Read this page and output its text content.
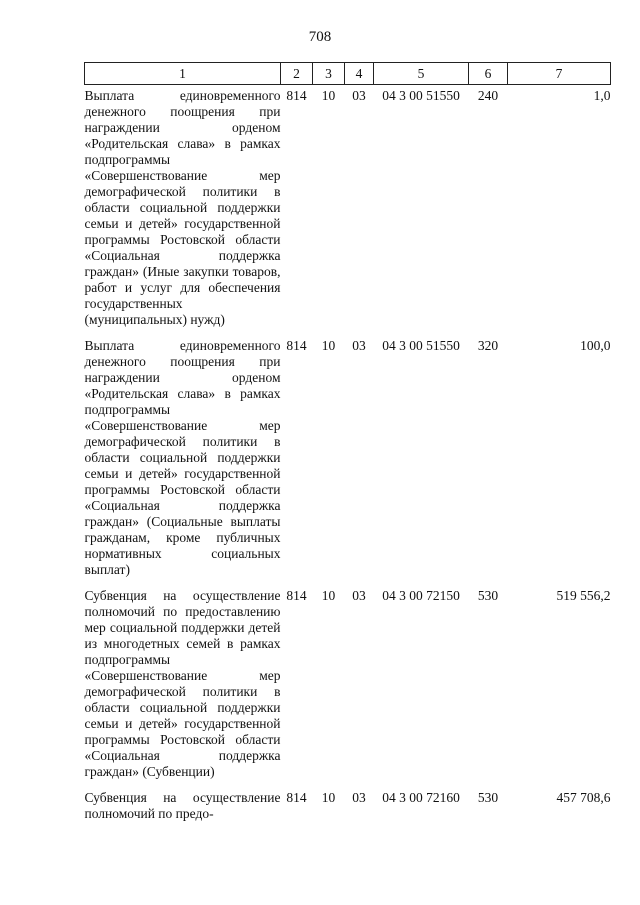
708
1	2	3	4	5	6	7
Выплата единовременного денежного поощрения при награждении орденом «Родительская слава» в рамках подпрограммы «Совершенствование мер демографической политики в области социальной поддержки семьи и детей» государственной программы Ростовской области «Социальная поддержка граждан» (Иные закупки товаров, работ и услуг для обеспечения государственных (муниципальных) нужд)	814	10	03	04 3 00 51550	240	1,0
Выплата единовременного денежного поощрения при награждении орденом «Родительская слава» в рамках подпрограммы «Совершенствование мер демографической политики в области социальной поддержки семьи и детей» государственной программы Ростовской области «Социальная поддержка граждан» (Социальные выплаты гражданам, кроме публичных нормативных социальных выплат)	814	10	03	04 3 00 51550	320	100,0
Субвенция на осуществление полномочий по предоставлению мер социальной поддержки детей из многодетных семей в рамках подпрограммы «Совершенствование мер демографической политики в области социальной поддержки семьи и детей» государственной программы Ростовской области «Социальная поддержка граждан» (Субвенции)	814	10	03	04 3 00 72150	530	519 556,2
Субвенция на осуществление полномочий по предо-	814	10	03	04 3 00 72160	530	457 708,6
